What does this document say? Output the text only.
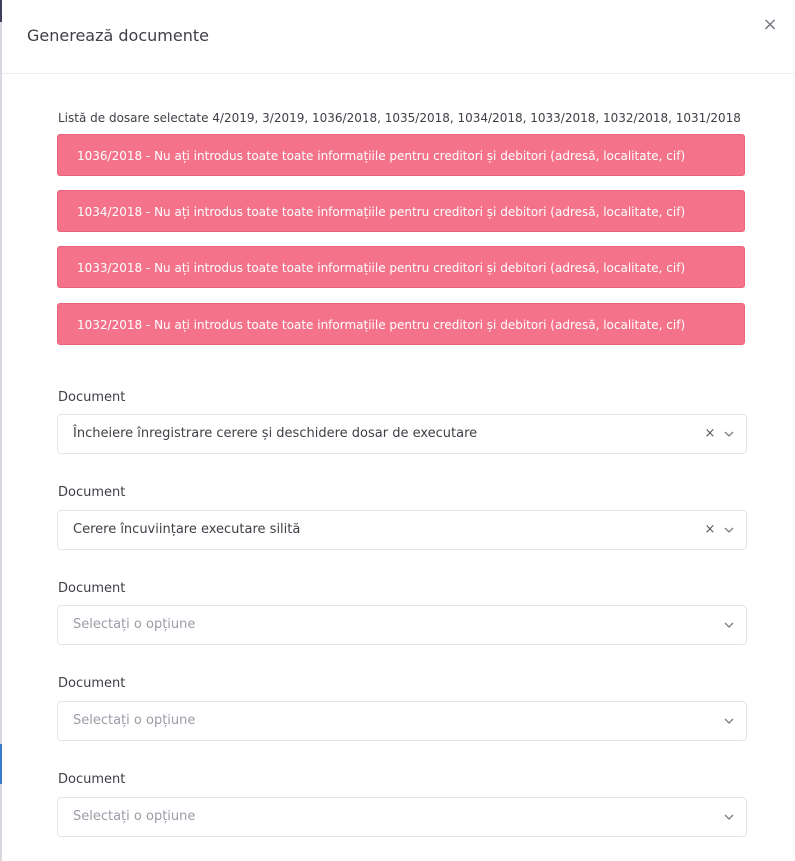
Generează documente
×
Listă de dosare selectate 4/2019, 3/2019, 1036/2018, 1035/2018, 1034/2018, 1033/2018, 1032/2018, 1031/2018
1036/2018 - Nu ați introdus toate toate informațiile pentru creditori și debitori (adresă, localitate, cif)
1034/2018 - Nu ați introdus toate toate informațiile pentru creditori și debitori (adresă, localitate, cif)
1033/2018 - Nu ați introdus toate toate informațiile pentru creditori și debitori (adresă, localitate, cif)
1032/2018 - Nu ați introdus toate toate informațiile pentru creditori și debitori (adresă, localitate, cif)
Document
Încheiere înregistrare cerere și deschidere dosar de executare	×
Document
Cerere încuviințare executare silită	×
Document
Selectați o opțiune
Document
Selectați o opțiune
Document
Selectați o opțiune
